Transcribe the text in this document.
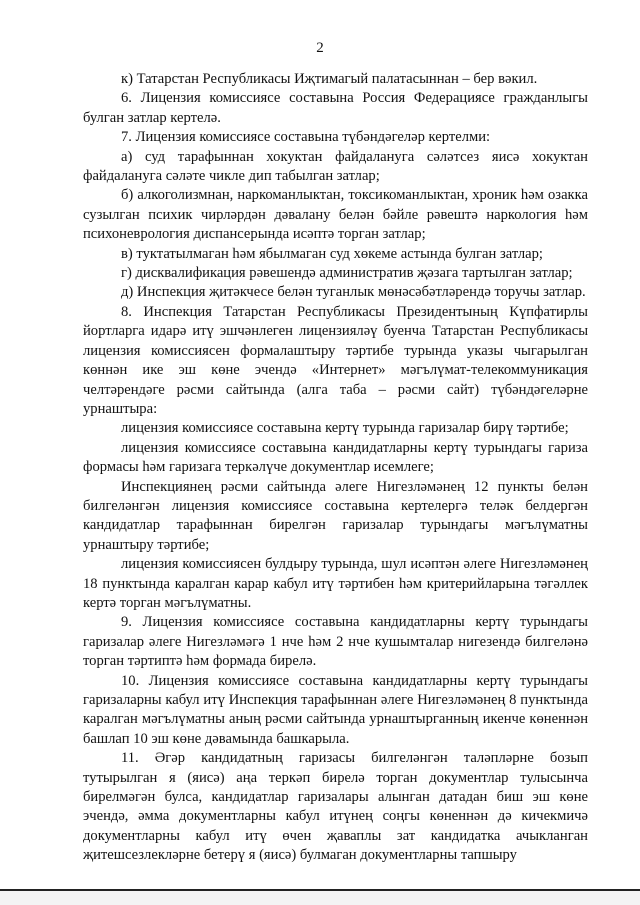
2

к) Татарстан Республикасы Иҗтимагый палатасыннан – бер вәкил.

6. Лицензия комиссиясе составына Россия Федерациясе гражданлыгы булган затлар кертелә.

7. Лицензия комиссиясе составына түбәндәгеләр кертелми:

а) суд тарафыннан хокуктан файдалануга сәләтсез яисә хокуктан файдалануга сәләте чикле дип табылган затлар;

б) алкоголизмнан, наркоманлыктан, токсикоманлыктан, хроник һәм озакка сузылган психик чирләрдән дәвалану белән бәйле рәвештә наркология һәм психоневрология диспансерында исәптә торган затлар;

в) туктатылмаган һәм ябылмаган суд хөкеме астында булган затлар;

г) дисквалификация рәвешендә административ җәзага тартылган затлар;

д) Инспекция җитәкчесе белән туганлык мөнәсәбәтләрендә торучы затлар.

8. Инспекция Татарстан Республикасы Президентының Күпфатирлы йортларга идарә итү эшчәнлеген лицензияләү буенча Татарстан Республикасы лицензия комиссиясен формалаштыру тәртибе турында указы чыгарылган көннән ике эш көне эчендә «Интернет» мәгълүмат-телекоммуникация челтәрендәге рәсми сайтында (алга таба – рәсми сайт) түбәндәгеләрне урнаштыра:

лицензия комиссиясе составына кертү турында гаризалар бирү тәртибе;

лицензия комиссиясе составына кандидатларны кертү турындагы гариза формасы һәм гаризага теркәлүче документлар исемлеге;

Инспекциянең рәсми сайтында әлеге Нигезләмәнең 12 пункты белән билгеләнгән лицензия комиссиясе составына кертелергә теләк белдергән кандидатлар тарафыннан бирелгән гаризалар турындагы мәгълүматны урнаштыру тәртибе;

лицензия комиссиясен булдыру турында, шул исәптән әлеге Нигезләмәнең 18 пунктында каралган карар кабул итү тәртибен һәм критерийларына тәгәллек кертә торган мәгълүматны.

9. Лицензия комиссиясе составына кандидатларны кертү турындагы гаризалар әлеге Нигезләмәгә 1 нче һәм 2 нче кушымталар нигезендә билгеләнә торган тәртиптә һәм формада бирелә.

10. Лицензия комиссиясе составына кандидатларны кертү турындагы гаризаларны кабул итү Инспекция тарафыннан әлеге Нигезләмәнең 8 пунктында каралган мәгълүматны аның рәсми сайтында урнаштырганның икенче көненнән башлап 10 эш көне дәвамында башкарыла.

11. Әгәр кандидатның гаризасы билгеләнгән таләпләрне бозып тутырылган я (яисә) аңа теркәп бирелә торган документлар тулысынча бирелмәгән булса, кандидатлар гаризалары алынган датадан биш эш көне эчендә, әмма документларны кабул итүнең соңгы көненнән дә кичекмичә документларны кабул итү өчен җаваплы зат кандидатка ачыкланган җитешсезлекләрне бетерү я (яисә) булмаган документларны тапшыру
